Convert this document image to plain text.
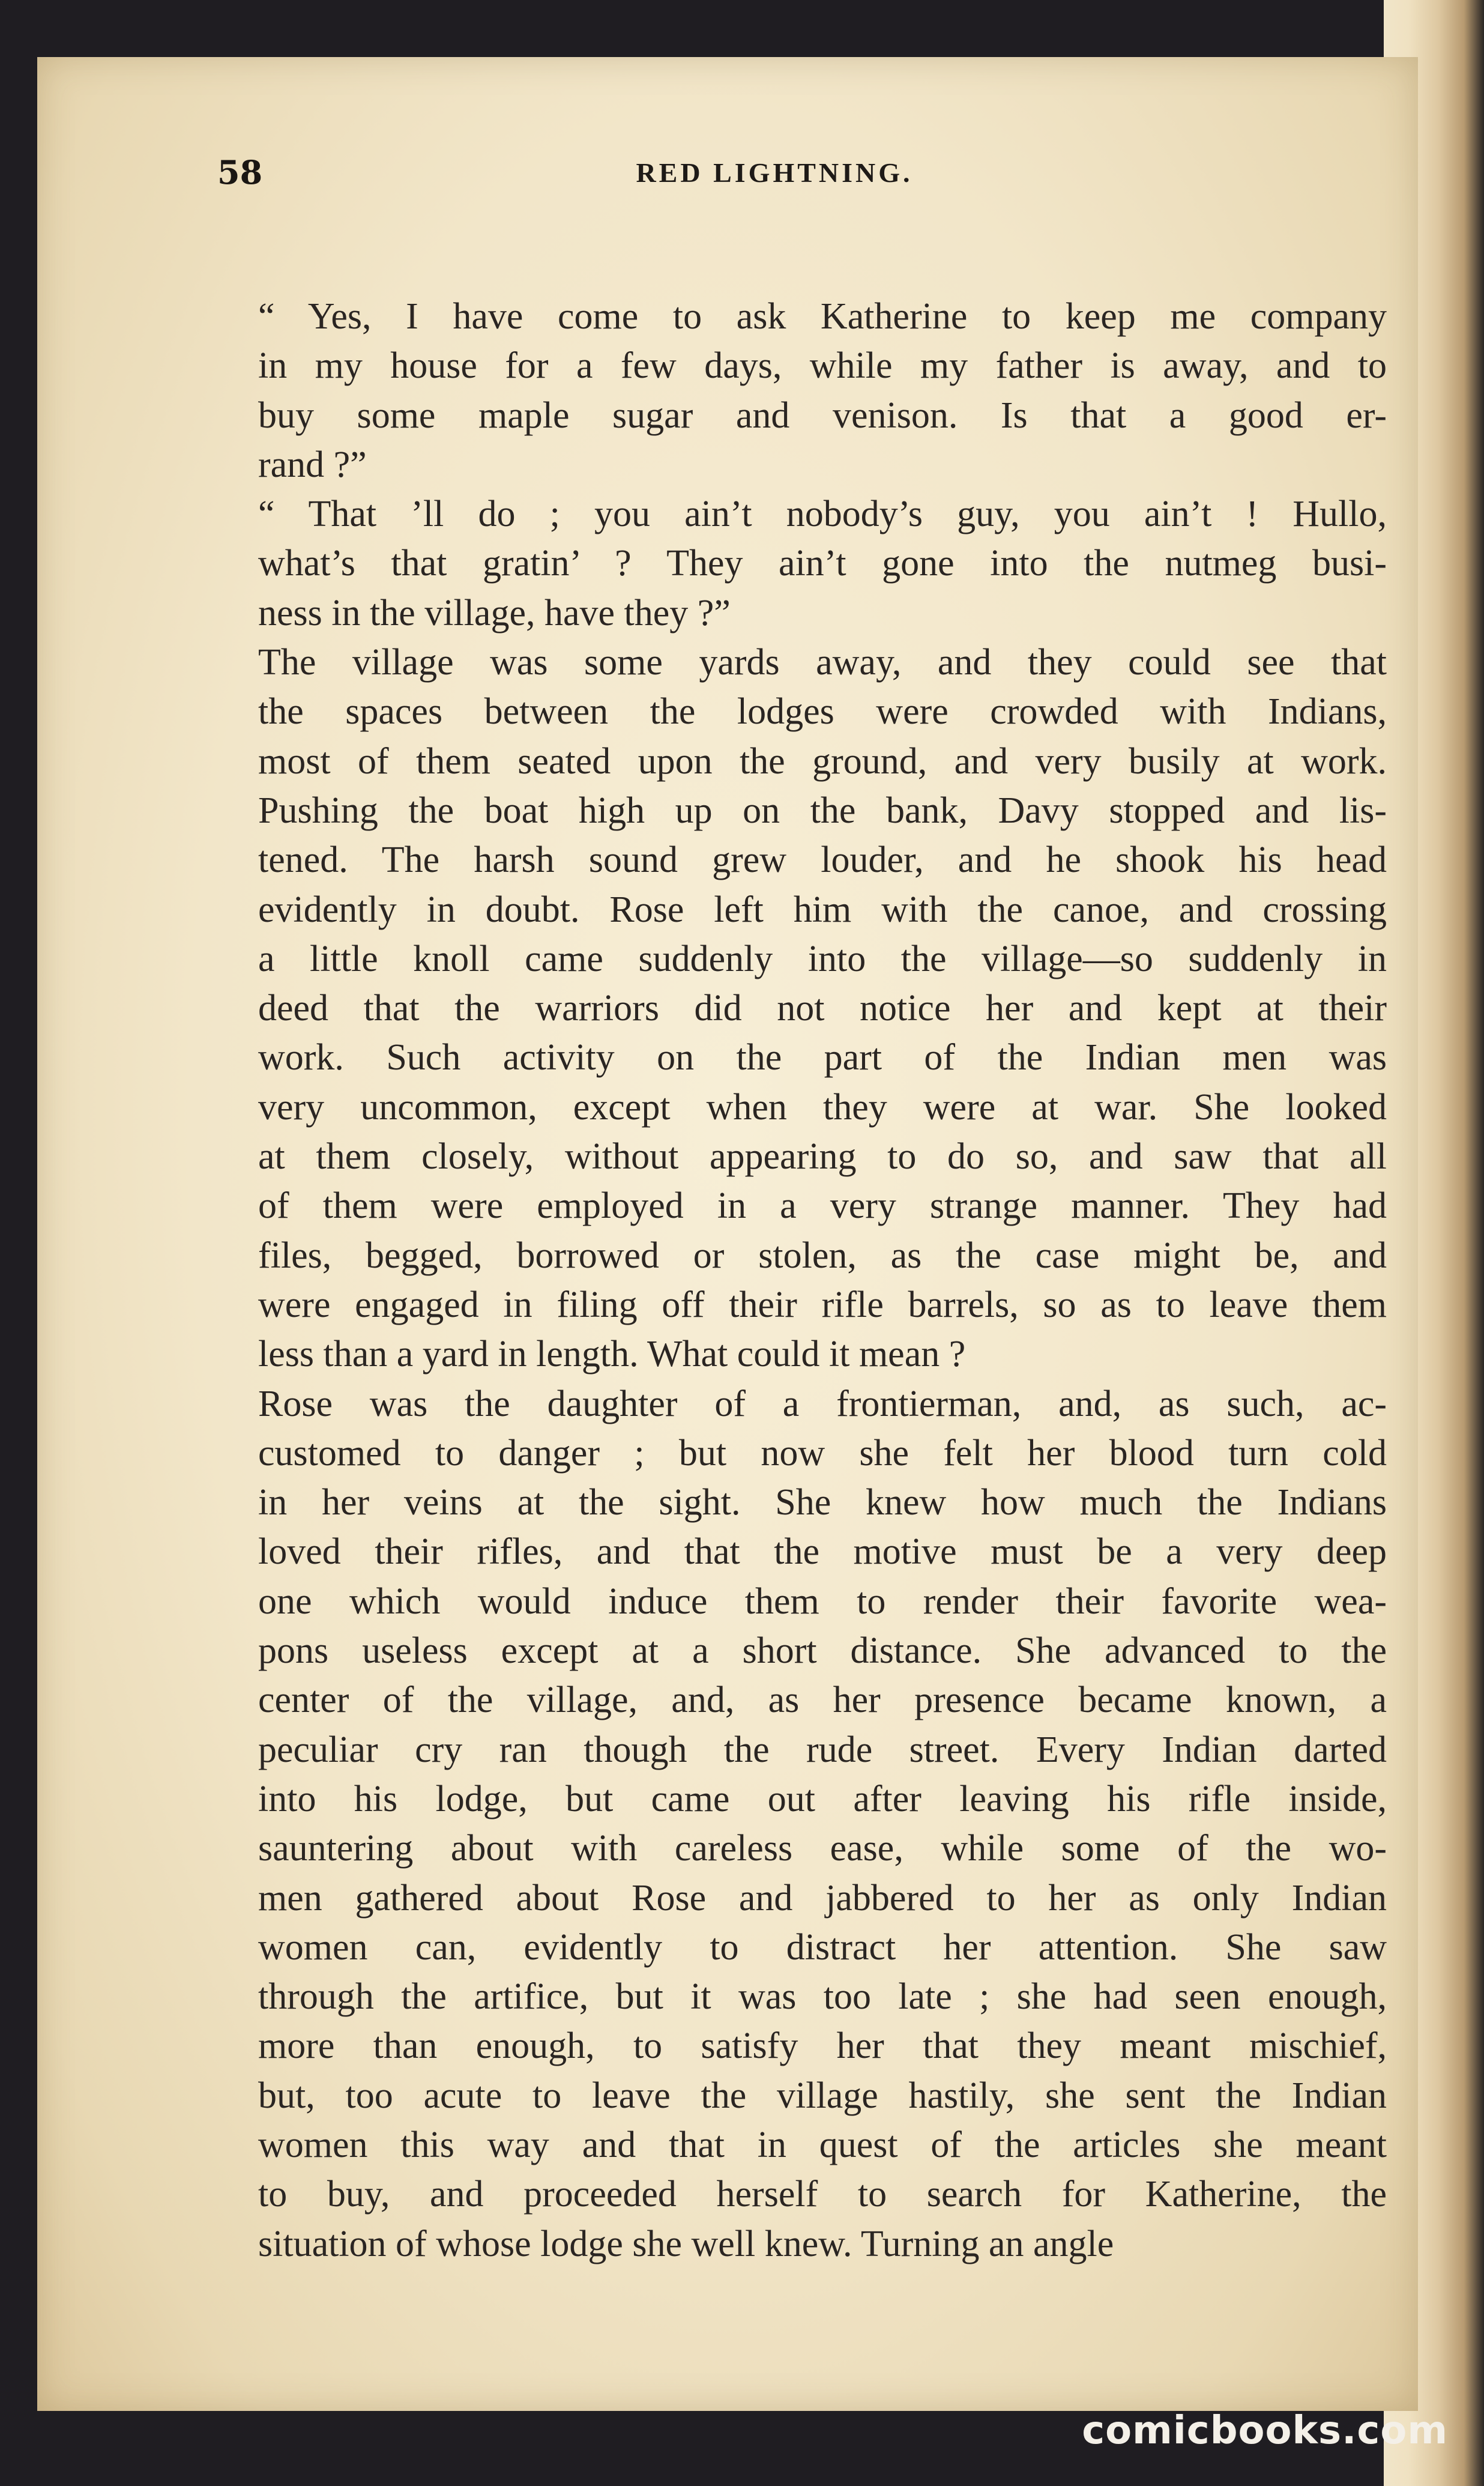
58	RED LIGHTNING.

“ Yes, I have come to ask Katherine to keep me company
in my house for a few days, while my father is away, and to
buy some maple sugar and venison. Is that a good er-
rand ?”

“ That ’ll do ; you ain’t nobody’s guy, you ain’t ! Hullo,
what’s that gratin’ ? They ain’t gone into the nutmeg busi-
ness in the village, have they ?”

The village was some yards away, and they could see that
the spaces between the lodges were crowded with Indians,
most of them seated upon the ground, and very busily at work.
Pushing the boat high up on the bank, Davy stopped and lis-
tened. The harsh sound grew louder, and he shook his head
evidently in doubt. Rose left him with the canoe, and crossing
a little knoll came suddenly into the village—so suddenly in
deed that the warriors did not notice her and kept at their
work. Such activity on the part of the Indian men was
very uncommon, except when they were at war. She looked
at them closely, without appearing to do so, and saw that all
of them were employed in a very strange manner. They had
files, begged, borrowed or stolen, as the case might be, and
were engaged in filing off their rifle barrels, so as to leave them
less than a yard in length. What could it mean ?

Rose was the daughter of a frontierman, and, as such, ac-
customed to danger ; but now she felt her blood turn cold
in her veins at the sight. She knew how much the Indians
loved their rifles, and that the motive must be a very deep
one which would induce them to render their favorite wea-
pons useless except at a short distance. She advanced to the
center of the village, and, as her presence became known, a
peculiar cry ran though the rude street. Every Indian darted
into his lodge, but came out after leaving his rifle inside,
sauntering about with careless ease, while some of the wo-
men gathered about Rose and jabbered to her as only Indian
women can, evidently to distract her attention. She saw
through the artifice, but it was too late ; she had seen enough,
more than enough, to satisfy her that they meant mischief,
but, too acute to leave the village hastily, she sent the Indian
women this way and that in quest of the articles she meant
to buy, and proceeded herself to search for Katherine, the
situation of whose lodge she well knew. Turning an angle

comicbooks.com
